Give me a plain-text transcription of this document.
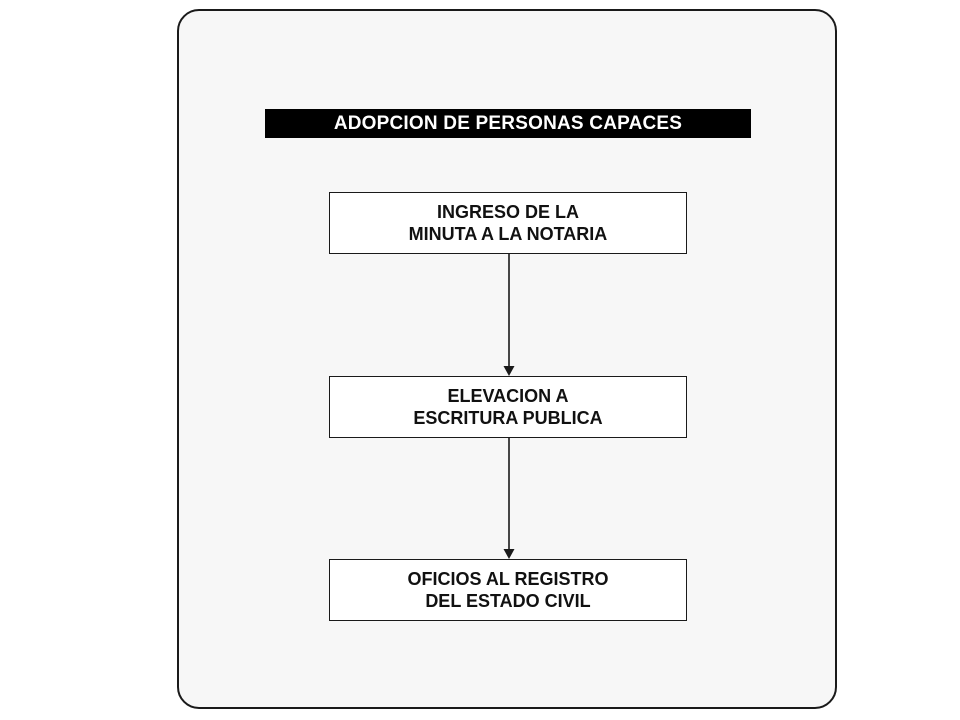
ADOPCION DE PERSONAS CAPACES
INGRESO DE LA
MINUTA A LA NOTARIA
ELEVACION A
ESCRITURA PUBLICA
OFICIOS AL REGISTRO
DEL ESTADO CIVIL
